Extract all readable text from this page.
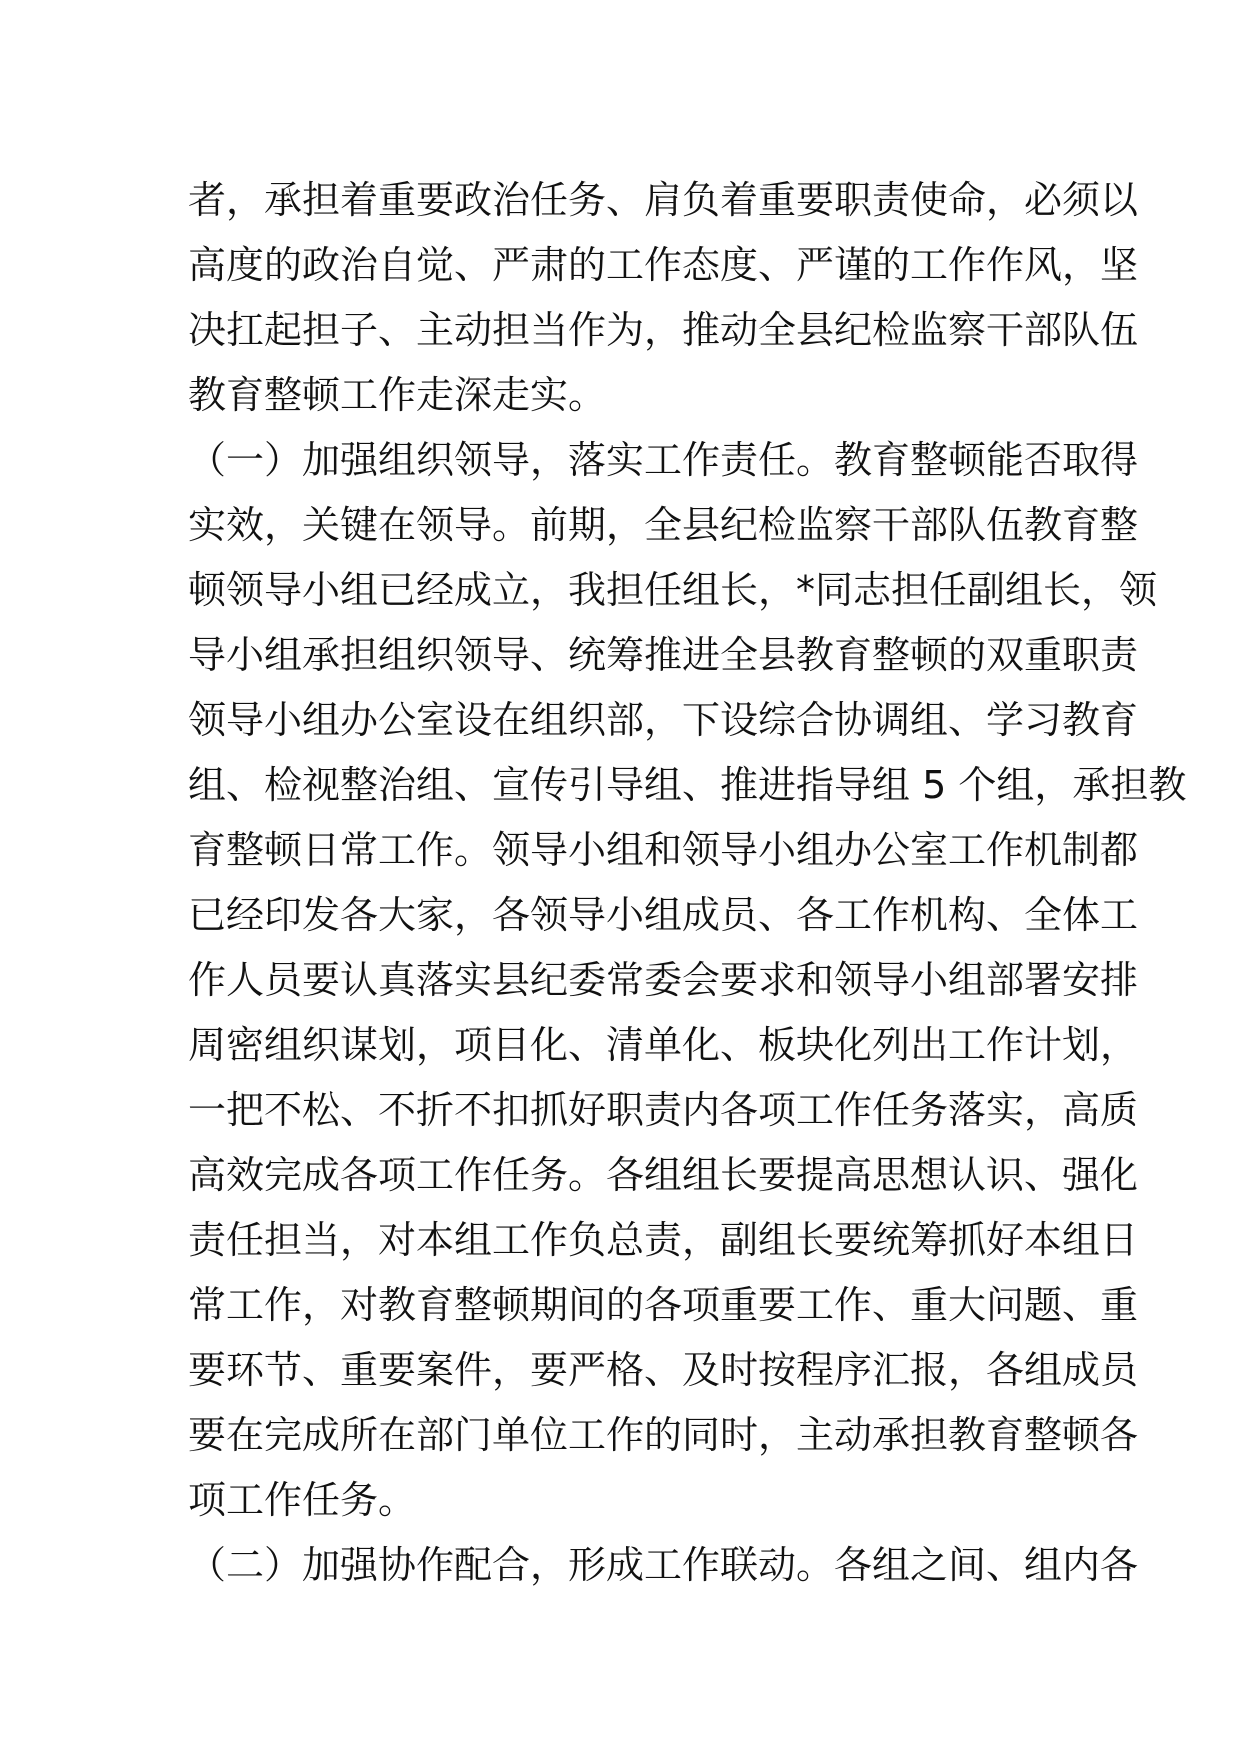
者，承担着重要政治任务、肩负着重要职责使命，必须以
高度的政治自觉、严肃的工作态度、严谨的工作作风，坚
决扛起担子、主动担当作为，推动全县纪检监察干部队伍
教育整顿工作走深走实。
（一）加强组织领导，落实工作责任。教育整顿能否取得
实效，关键在领导。前期，全县纪检监察干部队伍教育整
顿领导小组已经成立，我担任组长，*同志担任副组长，领
导小组承担组织领导、统筹推进全县教育整顿的双重职责
领导小组办公室设在组织部，下设综合协调组、学习教育
组、检视整治组、宣传引导组、推进指导组 5 个组，承担教
育整顿日常工作。领导小组和领导小组办公室工作机制都
已经印发各大家，各领导小组成员、各工作机构、全体工
作人员要认真落实县纪委常委会要求和领导小组部署安排
周密组织谋划，项目化、清单化、板块化列出工作计划，
一把不松、不折不扣抓好职责内各项工作任务落实，高质
高效完成各项工作任务。各组组长要提高思想认识、强化
责任担当，对本组工作负总责，副组长要统筹抓好本组日
常工作，对教育整顿期间的各项重要工作、重大问题、重
要环节、重要案件，要严格、及时按程序汇报，各组成员
要在完成所在部门单位工作的同时，主动承担教育整顿各
项工作任务。
（二）加强协作配合，形成工作联动。各组之间、组内各
